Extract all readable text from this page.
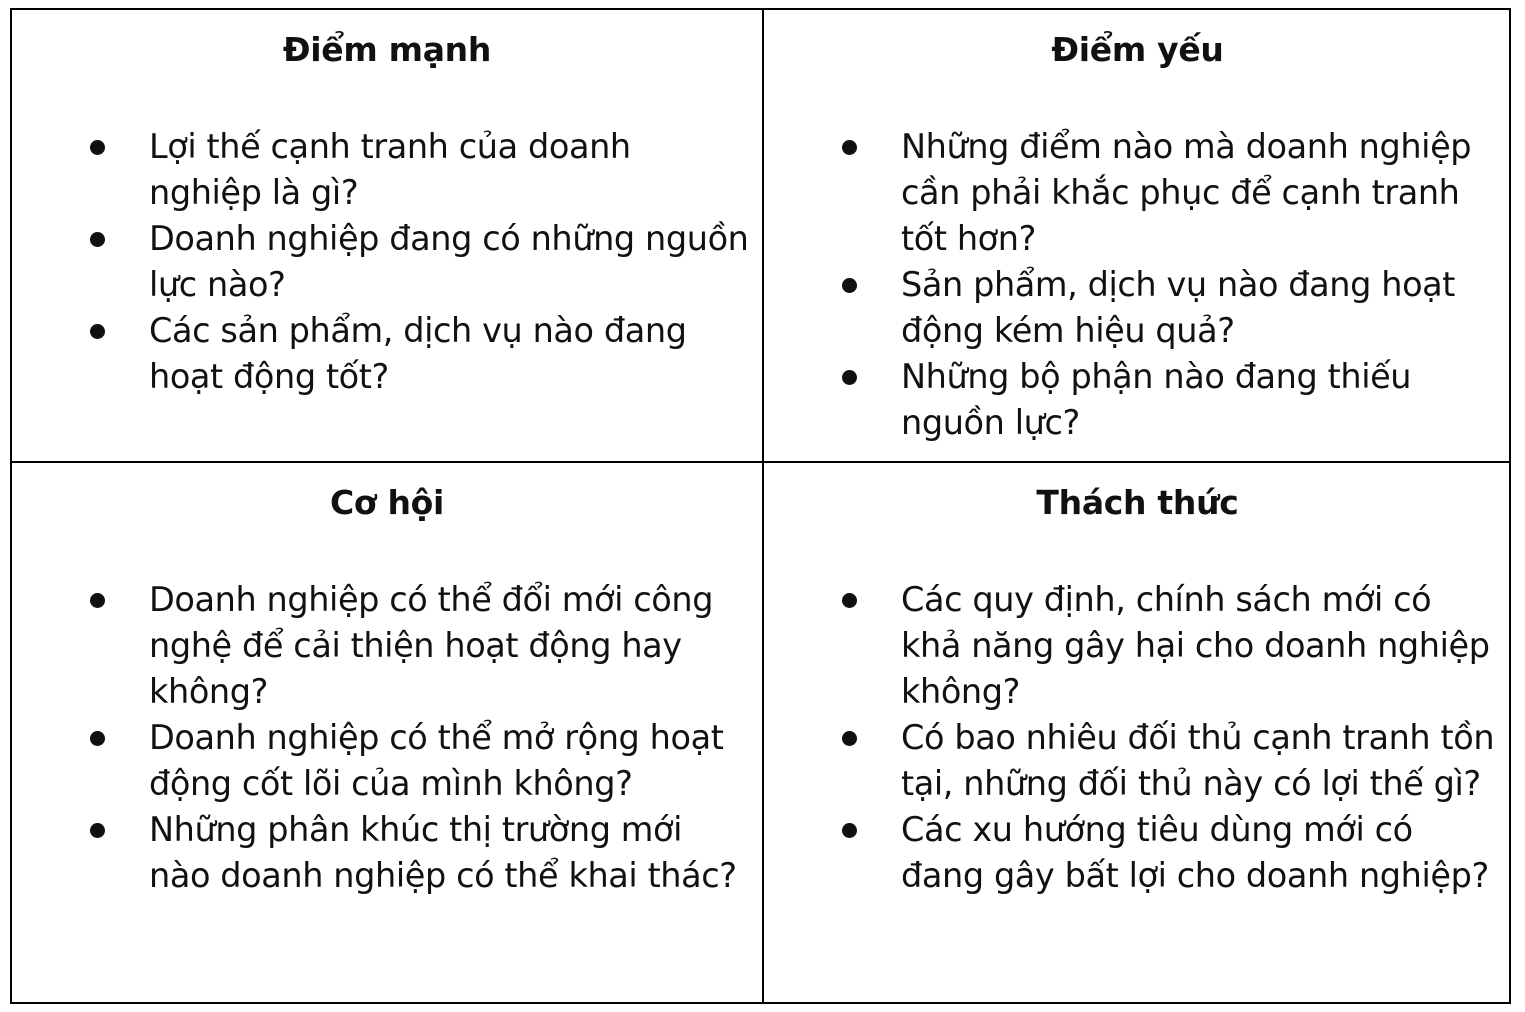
Điểm mạnh
Lợi thế cạnh tranh của doanh nghiệp là gì?
Doanh nghiệp đang có những nguồn lực nào?
Các sản phẩm, dịch vụ nào đang hoạt động tốt?
Điểm yếu
Những điểm nào mà doanh nghiệp cần phải khắc phục để cạnh tranh tốt hơn?
Sản phẩm, dịch vụ nào đang hoạt động kém hiệu quả?
Những bộ phận nào đang thiếu nguồn lực?
Cơ hội
Doanh nghiệp có thể đổi mới công nghệ để cải thiện hoạt động hay không?
Doanh nghiệp có thể mở rộng hoạt động cốt lõi của mình không?
Những phân khúc thị trường mới nào doanh nghiệp có thể khai thác?
Thách thức
Các quy định, chính sách mới có khả năng gây hại cho doanh nghiệp không?
Có bao nhiêu đối thủ cạnh tranh tồn tại, những đối thủ này có lợi thế gì?
Các xu hướng tiêu dùng mới có đang gây bất lợi cho doanh nghiệp?
